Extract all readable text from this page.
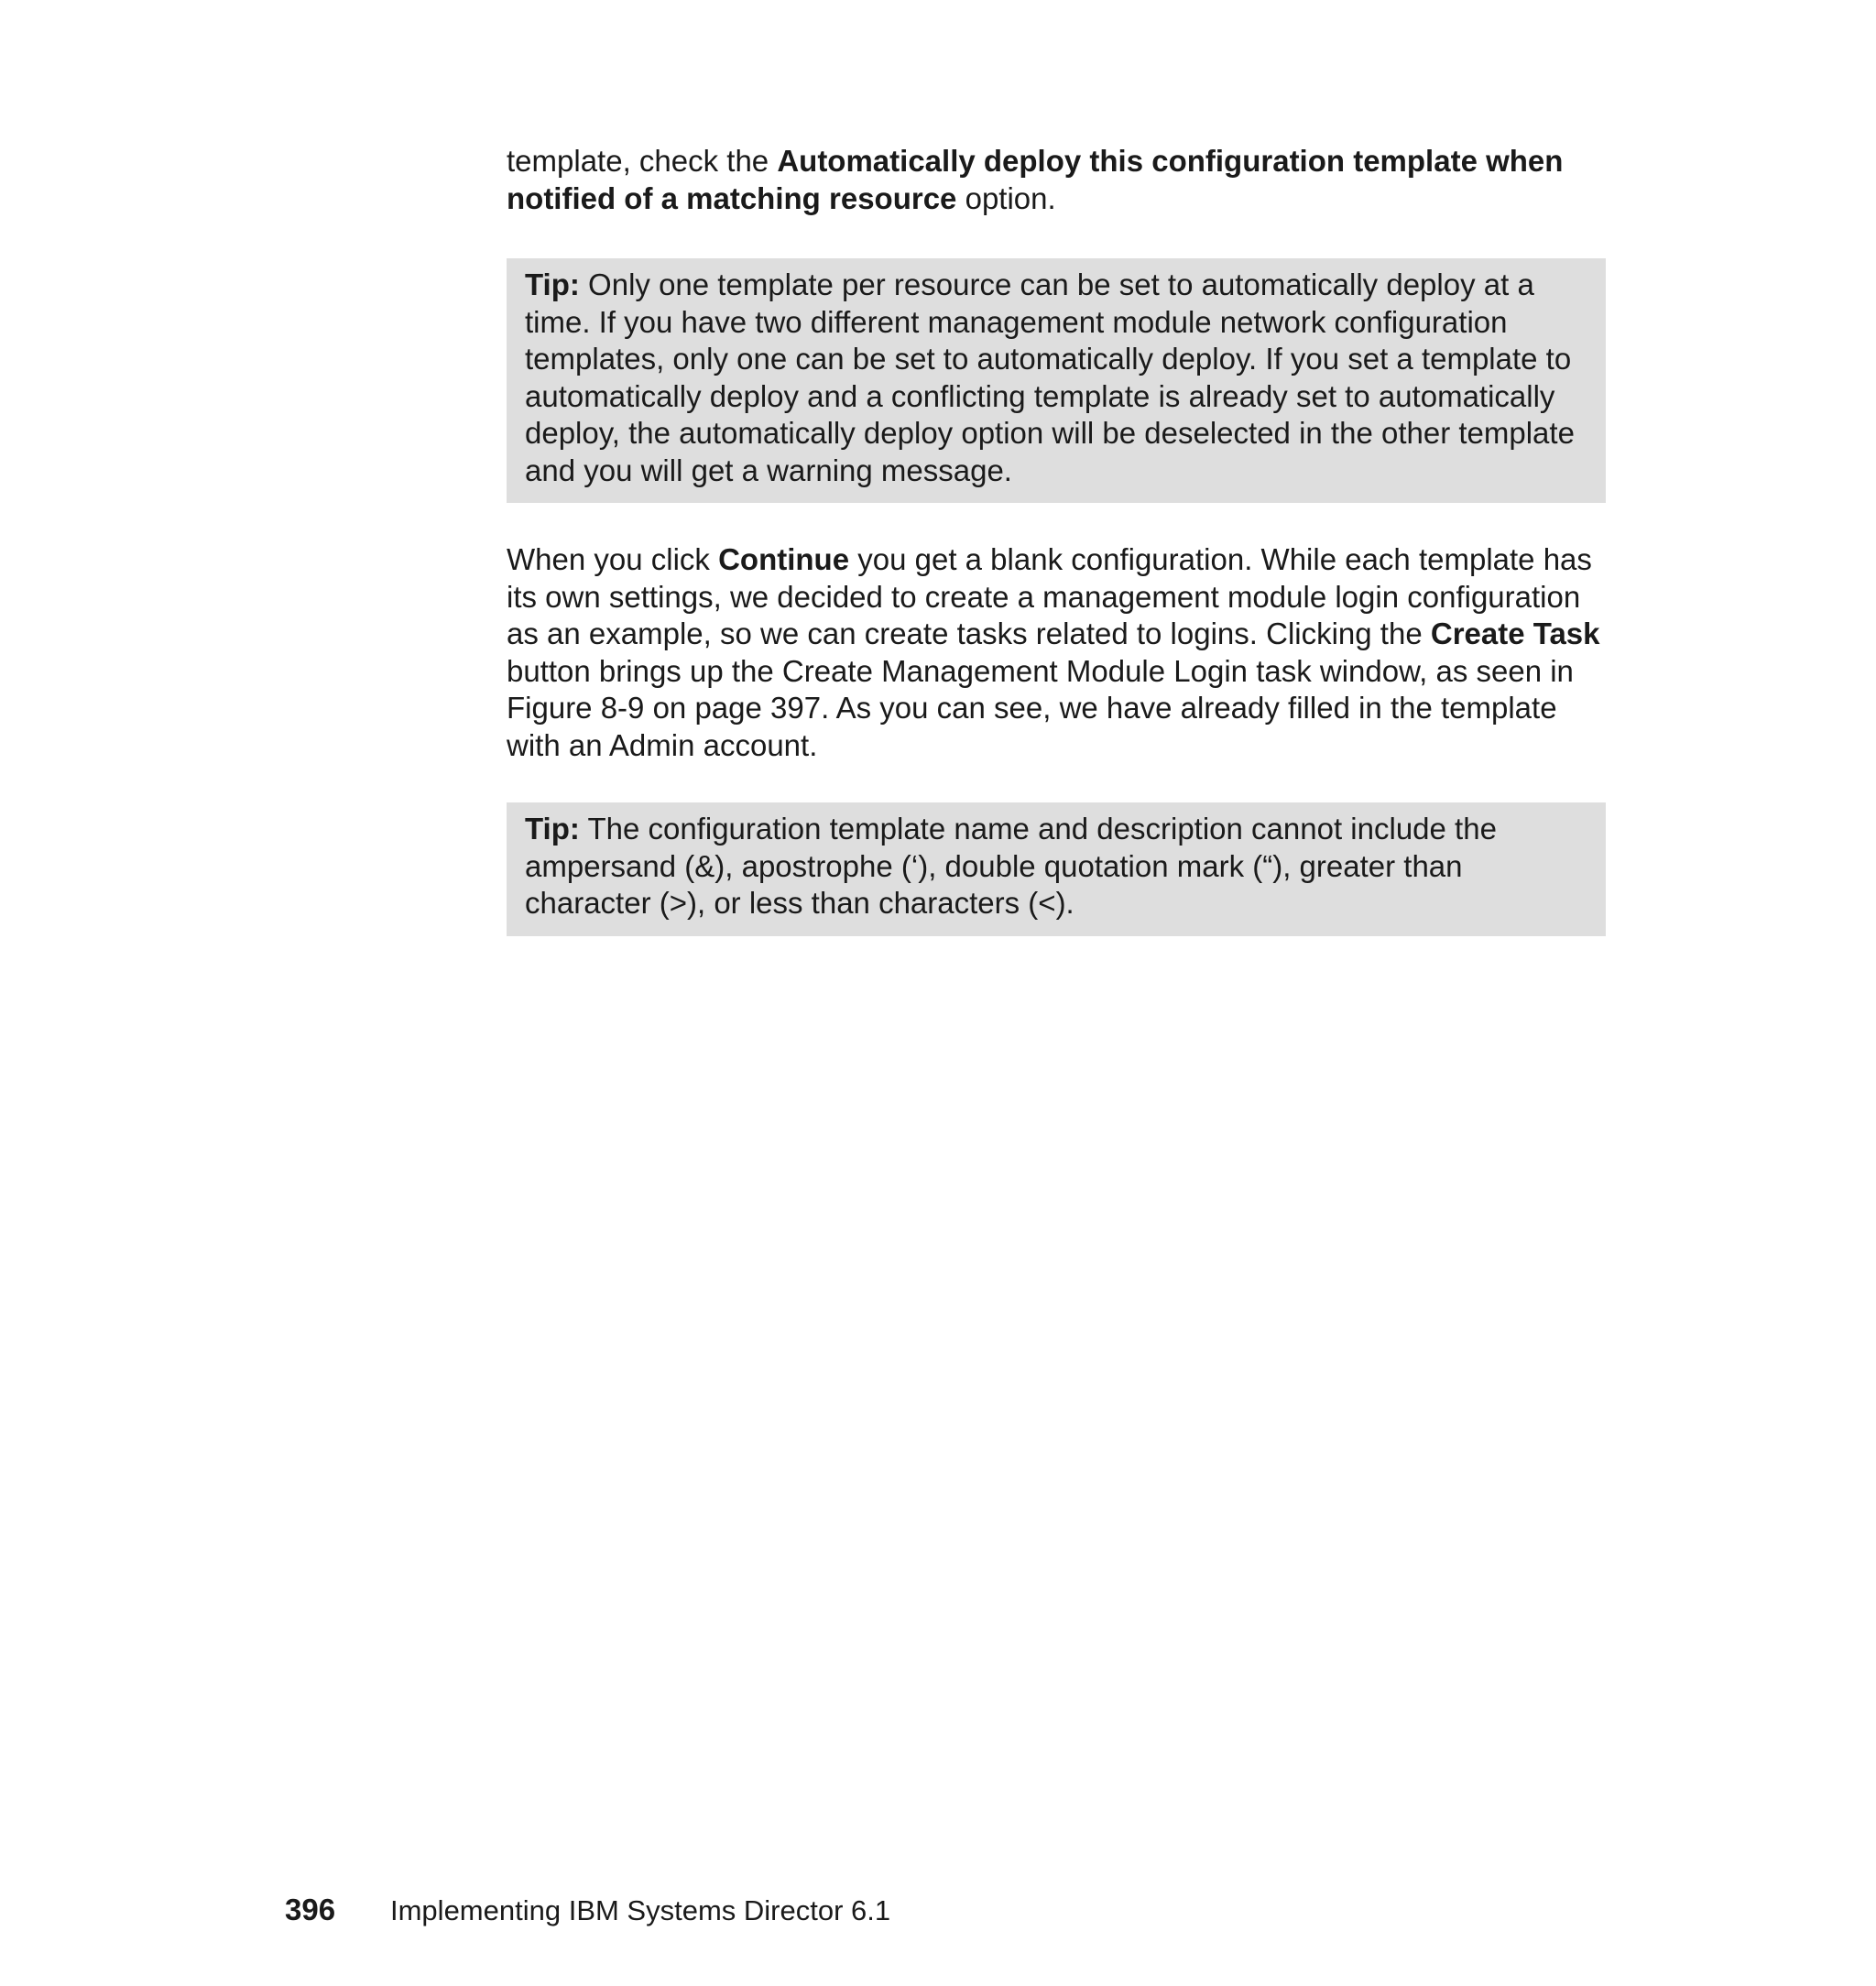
template, check the Automatically deploy this configuration template when notified of a matching resource option.

Tip: Only one template per resource can be set to automatically deploy at a time. If you have two different management module network configuration templates, only one can be set to automatically deploy. If you set a template to automatically deploy and a conflicting template is already set to automatically deploy, the automatically deploy option will be deselected in the other template and you will get a warning message.

When you click Continue you get a blank configuration. While each template has its own settings, we decided to create a management module login configuration as an example, so we can create tasks related to logins. Clicking the Create Task button brings up the Create Management Module Login task window, as seen in Figure 8-9 on page 397. As you can see, we have already filled in the template with an Admin account.

Tip: The configuration template name and description cannot include the ampersand (&), apostrophe (‘), double quotation mark (“), greater than character (>), or less than characters (<).
396 Implementing IBM Systems Director 6.1
